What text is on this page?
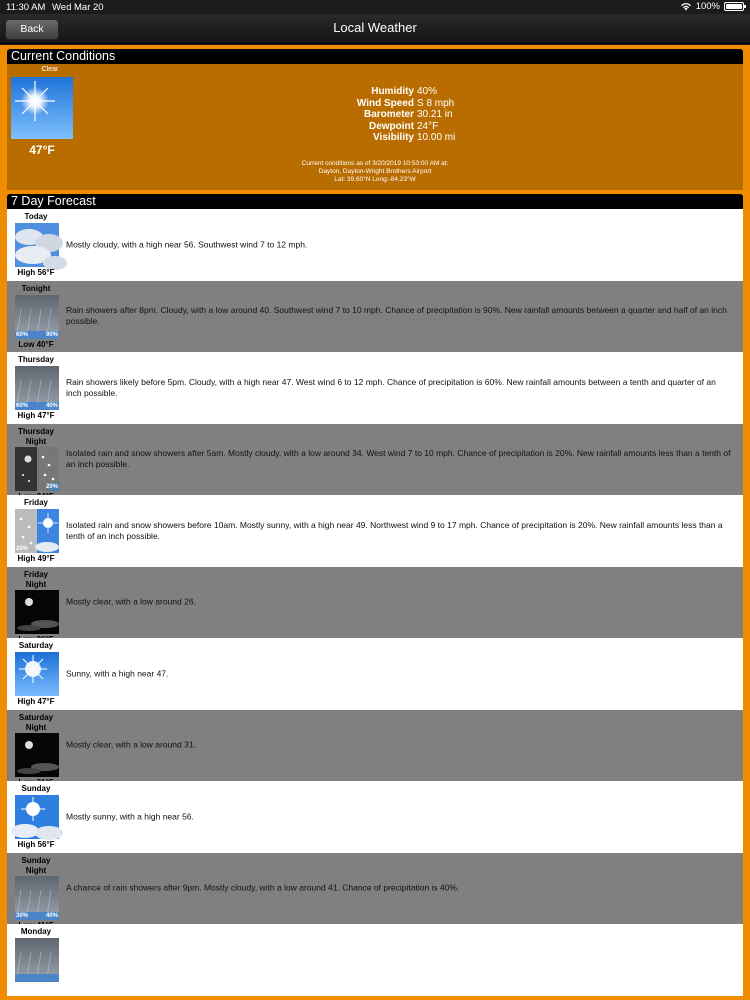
11:30 AM Wed Mar 20	100%
Back	Local Weather
Current Conditions
Clear
47°F
Humidity 40%
Wind Speed S 8 mph
Barometer 30.21 in
Dewpoint 24°F
Visibility 10.00 mi
Current conditions as of 3/20/2019 10:53:00 AM at:
Dayton, Dayton-Wright Brothers Airport
Lat: 39.60°N Long:-84.23°W
7 Day Forecast
Today
High 56°F
Mostly cloudy, with a high near 56. Southwest wind 7 to 12 mph.
Tonight
60%	90%
Low 40°F
Rain showers after 8pm. Cloudy, with a low around 40. Southwest wind 7 to 10 mph. Chance of precipitation is 90%. New rainfall amounts between a quarter and half of an inch possible.
Thursday
60%	40%
High 47°F
Rain showers likely before 5pm. Cloudy, with a high near 47. West wind 6 to 12 mph. Chance of precipitation is 60%. New rainfall amounts between a tenth and quarter of an inch possible.
Thursday
Night
20%
Isolated rain and snow showers after 5am. Mostly cloudy, with a low around 34. West wind 7 to 10 mph. Chance of precipitation is 20%. New rainfall amounts less than a tenth of an inch possible.
Friday
20%
High 49°F
Isolated rain and snow showers before 10am. Mostly sunny, with a high near 49. Northwest wind 9 to 17 mph. Chance of precipitation is 20%. New rainfall amounts less than a tenth of an inch possible.
Friday
Night
Mostly clear, with a low around 26.
Saturday
High 47°F
Sunny, with a high near 47.
Saturday
Night
Mostly clear, with a low around 31.
Sunday
High 56°F
Mostly sunny, with a high near 56.
Sunday
Night
30%	40%
A chance of rain showers after 9pm. Mostly cloudy, with a low around 41. Chance of precipitation is 40%.
Monday
